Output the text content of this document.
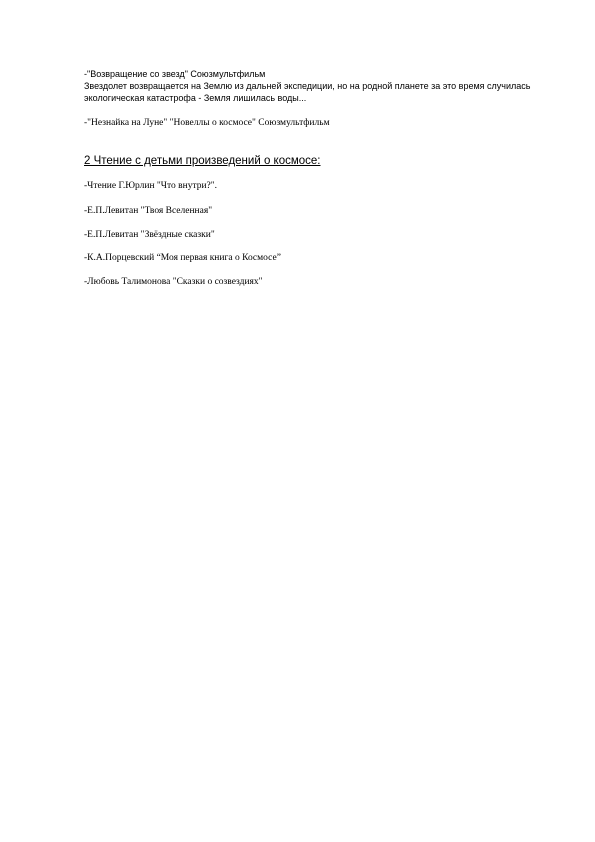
-"Возвращение со звезд" Союзмультфильм
Звездолет возвращается на Землю из дальней экспедиции, но на родной планете за это время случилась
экологическая катастрофа - Земля лишилась воды...
-"Незнайка на Луне" "Новеллы о космосе" Союзмультфильм
2 Чтение с детьми произведений о космосе:
-Чтение Г.Юрлин "Что внутри?".
-Е.П.Левитан "Твоя Вселенная"
-Е.П.Левитан "Звёздные сказки"
-К.А.Порцевский “Моя первая книга о Космосе”
-Любовь Талимонова "Сказки о созвездиях"
